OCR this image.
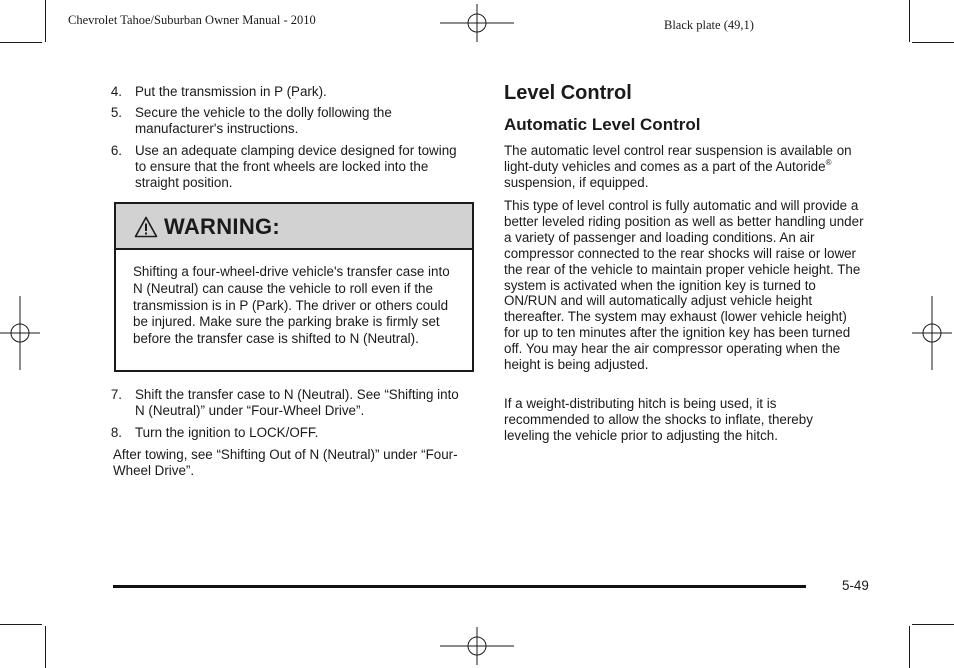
Chevrolet Tahoe/Suburban Owner Manual - 2010	Black plate (49,1)
4. Put the transmission in P (Park).
5. Secure the vehicle to the dolly following the manufacturer's instructions.
6. Use an adequate clamping device designed for towing to ensure that the front wheels are locked into the straight position.
WARNING:
Shifting a four-wheel-drive vehicle's transfer case into N (Neutral) can cause the vehicle to roll even if the transmission is in P (Park). The driver or others could be injured. Make sure the parking brake is firmly set before the transfer case is shifted to N (Neutral).
7. Shift the transfer case to N (Neutral). See “Shifting into N (Neutral)” under “Four-Wheel Drive”.
8. Turn the ignition to LOCK/OFF.
After towing, see “Shifting Out of N (Neutral)” under “Four-Wheel Drive”.
Level Control
Automatic Level Control
The automatic level control rear suspension is available on light-duty vehicles and comes as a part of the Autoride® suspension, if equipped.
This type of level control is fully automatic and will provide a better leveled riding position as well as better handling under a variety of passenger and loading conditions. An air compressor connected to the rear shocks will raise or lower the rear of the vehicle to maintain proper vehicle height. The system is activated when the ignition key is turned to ON/RUN and will automatically adjust vehicle height thereafter. The system may exhaust (lower vehicle height) for up to ten minutes after the ignition key has been turned off. You may hear the air compressor operating when the height is being adjusted.
If a weight-distributing hitch is being used, it is recommended to allow the shocks to inflate, thereby leveling the vehicle prior to adjusting the hitch.
5-49
